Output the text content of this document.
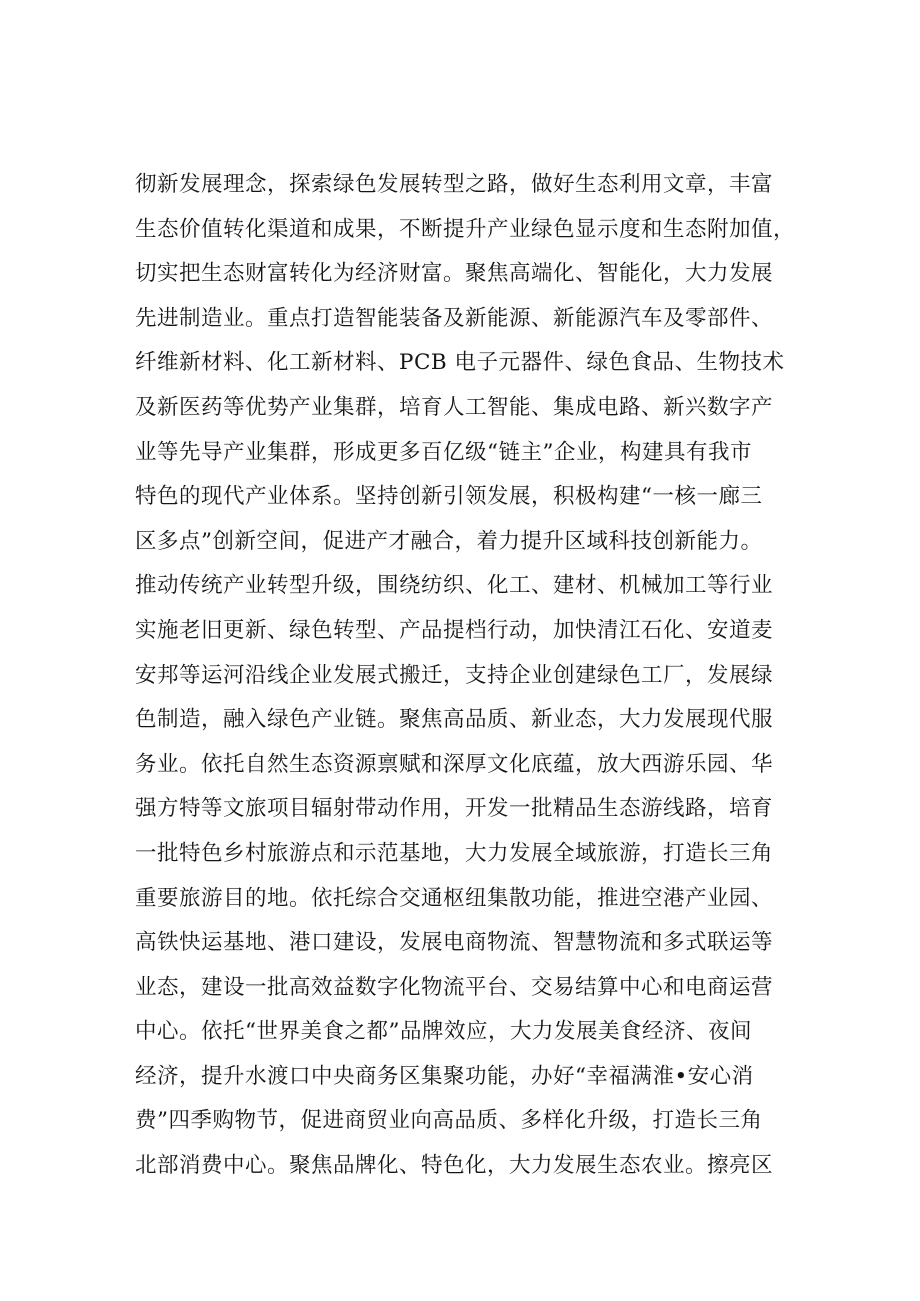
彻新发展理念，探索绿色发展转型之路，做好生态利用文章，丰富
生态价值转化渠道和成果，不断提升产业绿色显示度和生态附加值，
切实把生态财富转化为经济财富。聚焦高端化、智能化，大力发展
先进制造业。重点打造智能装备及新能源、新能源汽车及零部件、
纤维新材料、化工新材料、PCB 电子元器件、绿色食品、生物技术
及新医药等优势产业集群，培育人工智能、集成电路、新兴数字产
业等先导产业集群，形成更多百亿级“链主”企业，构建具有我市
特色的现代产业体系。坚持创新引领发展，积极构建“一核一廊三
区多点”创新空间，促进产才融合，着力提升区域科技创新能力。
推动传统产业转型升级，围绕纺织、化工、建材、机械加工等行业
实施老旧更新、绿色转型、产品提档行动，加快清江石化、安道麦
安邦等运河沿线企业发展式搬迁，支持企业创建绿色工厂，发展绿
色制造，融入绿色产业链。聚焦高品质、新业态，大力发展现代服
务业。依托自然生态资源禀赋和深厚文化底蕴，放大西游乐园、华
强方特等文旅项目辐射带动作用，开发一批精品生态游线路，培育
一批特色乡村旅游点和示范基地，大力发展全域旅游，打造长三角
重要旅游目的地。依托综合交通枢纽集散功能，推进空港产业园、
高铁快运基地、港口建设，发展电商物流、智慧物流和多式联运等
业态，建设一批高效益数字化物流平台、交易结算中心和电商运营
中心。依托“世界美食之都”品牌效应，大力发展美食经济、夜间
经济，提升水渡口中央商务区集聚功能，办好“幸福满淮•安心消
费”四季购物节，促进商贸业向高品质、多样化升级，打造长三角
北部消费中心。聚焦品牌化、特色化，大力发展生态农业。擦亮区
